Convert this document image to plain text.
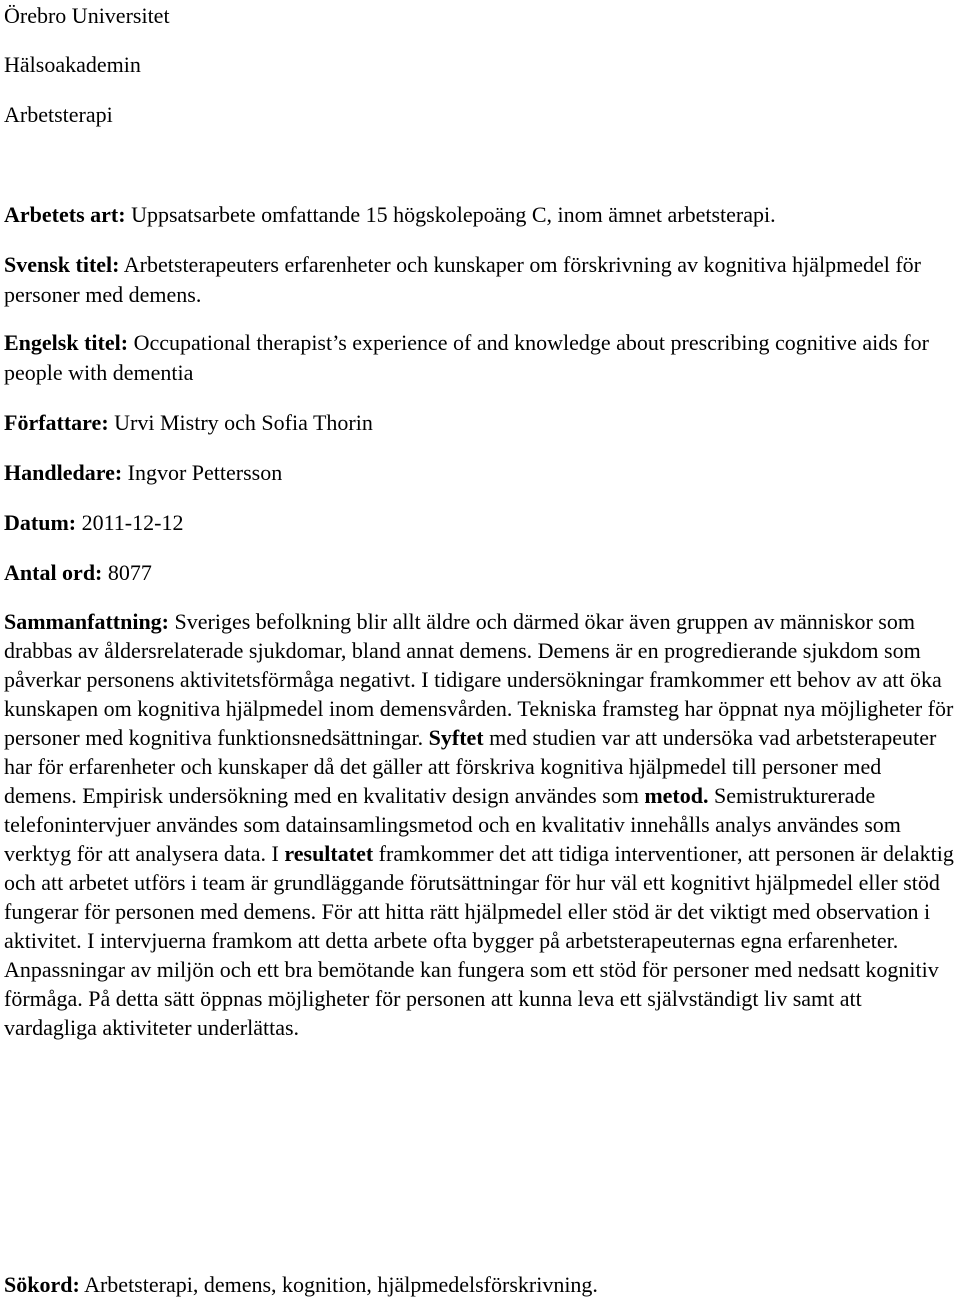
Örebro Universitet
Hälsoakademin
Arbetsterapi
Arbetets art: Uppsatsarbete omfattande 15 högskolepoäng C, inom ämnet arbetsterapi.
Svensk titel: Arbetsterapeuters erfarenheter och kunskaper om förskrivning av kognitiva hjälpmedel för personer med demens.
Engelsk titel: Occupational therapist’s experience of and knowledge about prescribing cognitive aids for people with dementia
Författare: Urvi Mistry och Sofia Thorin
Handledare: Ingvor Pettersson
Datum: 2011-12-12
Antal ord: 8077
Sammanfattning: Sveriges befolkning blir allt äldre och därmed ökar även gruppen av människor som drabbas av åldersrelaterade sjukdomar, bland annat demens. Demens är en progredierande sjukdom som påverkar personens aktivitetsförmåga negativt. I tidigare undersökningar framkommer ett behov av att öka kunskapen om kognitiva hjälpmedel inom demensvården. Tekniska framsteg har öppnat nya möjligheter för personer med kognitiva funktionsnedsättningar. Syftet med studien var att undersöka vad arbetsterapeuter har för erfarenheter och kunskaper då det gäller att förskriva kognitiva hjälpmedel till personer med demens. Empirisk undersökning med en kvalitativ design användes som metod. Semistrukturerade telefonintervjuer användes som datainsamlingsmetod och en kvalitativ innehålls analys användes som verktyg för att analysera data. I resultatet framkommer det att tidiga interventioner, att personen är delaktig och att arbetet utförs i team är grundläggande förutsättningar för hur väl ett kognitivt hjälpmedel eller stöd fungerar för personen med demens. För att hitta rätt hjälpmedel eller stöd är det viktigt med observation i aktivitet. I intervjuerna framkom att detta arbete ofta bygger på arbetsterapeuternas egna erfarenheter. Anpassningar av miljön och ett bra bemötande kan fungera som ett stöd för personer med nedsatt kognitiv förmåga. På detta sätt öppnas möjligheter för personen att kunna leva ett självständigt liv samt att vardagliga aktiviteter underlättas.
Sökord: Arbetsterapi, demens, kognition, hjälpmedelsförskrivning.
